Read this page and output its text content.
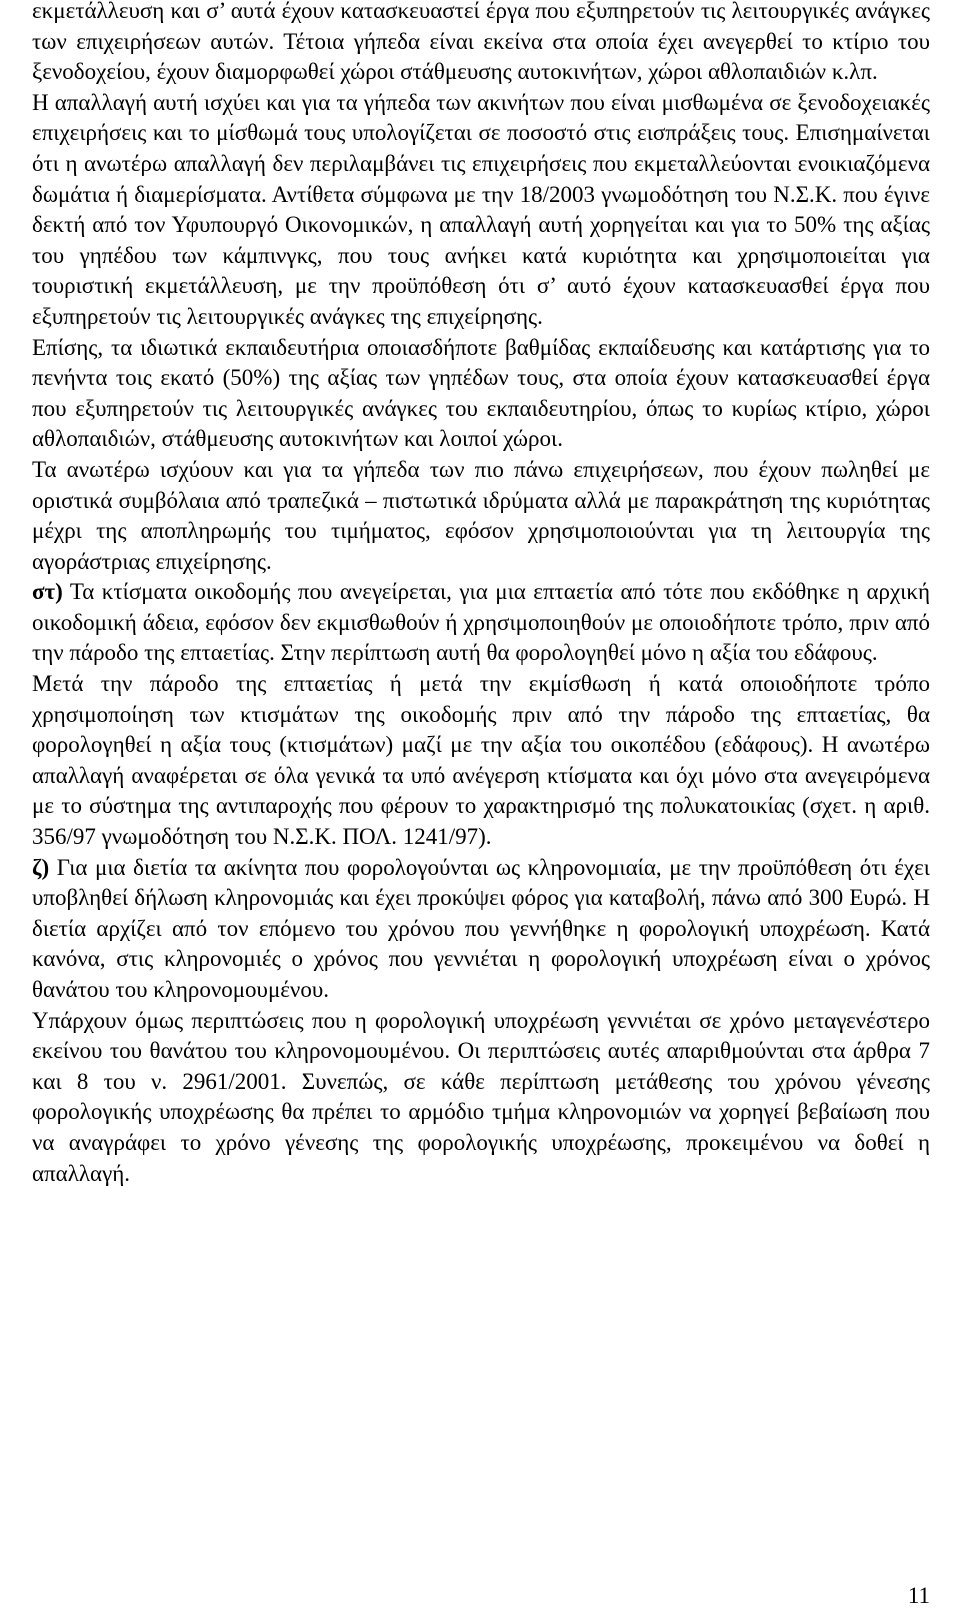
εκμετάλλευση και σ’ αυτά έχουν κατασκευαστεί έργα που εξυπηρετούν τις λειτουργικές ανάγκες των επιχειρήσεων αυτών. Τέτοια γήπεδα είναι εκείνα στα οποία έχει ανεγερθεί το κτίριο του ξενοδοχείου, έχουν διαμορφωθεί χώροι στάθμευσης αυτοκινήτων, χώροι αθλοπαιδιών κ.λπ.

Η απαλλαγή αυτή ισχύει και για τα γήπεδα των ακινήτων που είναι μισθωμένα σε ξενοδοχειακές επιχειρήσεις και το μίσθωμά τους υπολογίζεται σε ποσοστό στις εισπράξεις τους. Επισημαίνεται ότι η ανωτέρω απαλλαγή δεν περιλαμβάνει τις επιχειρήσεις που εκμεταλλεύονται ενοικιαζόμενα δωμάτια ή διαμερίσματα. Αντίθετα σύμφωνα με την 18/2003 γνωμοδότηση του Ν.Σ.Κ. που έγινε δεκτή από τον Υφυπουργό Οικονομικών, η απαλλαγή αυτή χορηγείται και για το 50% της αξίας του γηπέδου των κάμπινγκς, που τους ανήκει κατά κυριότητα και χρησιμοποιείται για τουριστική εκμετάλλευση, με την προϋπόθεση ότι σ’ αυτό έχουν κατασκευασθεί έργα που εξυπηρετούν τις λειτουργικές ανάγκες της επιχείρησης.

Επίσης, τα ιδιωτικά εκπαιδευτήρια οποιασδήποτε βαθμίδας εκπαίδευσης και κατάρτισης για το πενήντα τοις εκατό (50%) της αξίας των γηπέδων τους, στα οποία έχουν κατασκευασθεί έργα που εξυπηρετούν τις λειτουργικές ανάγκες του εκπαιδευτηρίου, όπως το κυρίως κτίριο, χώροι αθλοπαιδιών, στάθμευσης αυτοκινήτων και λοιποί χώροι.

Τα ανωτέρω ισχύουν και για τα γήπεδα των πιο πάνω επιχειρήσεων, που έχουν πωληθεί με οριστικά συμβόλαια από τραπεζικά – πιστωτικά ιδρύματα αλλά με παρακράτηση της κυριότητας μέχρι της αποπληρωμής του τιμήματος, εφόσον χρησιμοποιούνται για τη λειτουργία της αγοράστριας επιχείρησης.

στ) Τα κτίσματα οικοδομής που ανεγείρεται, για μια επταετία από τότε που εκδόθηκε η αρχική οικοδομική άδεια, εφόσον δεν εκμισθωθούν ή χρησιμοποιηθούν με οποιοδήποτε τρόπο, πριν από την πάροδο της επταετίας. Στην περίπτωση αυτή θα φορολογηθεί μόνο η αξία του εδάφους.

Μετά την πάροδο της επταετίας ή μετά την εκμίσθωση ή κατά οποιοδήποτε τρόπο χρησιμοποίηση των κτισμάτων της οικοδομής πριν από την πάροδο της επταετίας, θα φορολογηθεί η αξία τους (κτισμάτων) μαζί με την αξία του οικοπέδου (εδάφους). Η ανωτέρω απαλλαγή αναφέρεται σε όλα γενικά τα υπό ανέγερση κτίσματα και όχι μόνο στα ανεγειρόμενα με το σύστημα της αντιπαροχής που φέρουν το χαρακτηρισμό της πολυκατοικίας (σχετ. η αριθ. 356/97 γνωμοδότηση του Ν.Σ.Κ. ΠΟΛ. 1241/97).

ζ) Για μια διετία τα ακίνητα που φορολογούνται ως κληρονομιαία, με την προϋπόθεση ότι έχει υποβληθεί δήλωση κληρονομιάς και έχει προκύψει φόρος για καταβολή, πάνω από 300 Ευρώ. Η διετία αρχίζει από τον επόμενο του χρόνου που γεννήθηκε η φορολογική υποχρέωση. Κατά κανόνα, στις κληρονομιές ο χρόνος που γεννιέται η φορολογική υποχρέωση είναι ο χρόνος θανάτου του κληρονομουμένου.

Υπάρχουν όμως περιπτώσεις που η φορολογική υποχρέωση γεννιέται σε χρόνο μεταγενέστερο εκείνου του θανάτου του κληρονομουμένου. Οι περιπτώσεις αυτές απαριθμούνται στα άρθρα 7 και 8 του ν. 2961/2001. Συνεπώς, σε κάθε περίπτωση μετάθεσης του χρόνου γένεσης φορολογικής υποχρέωσης θα πρέπει το αρμόδιο τμήμα κληρονομιών να χορηγεί βεβαίωση που να αναγράφει το χρόνο γένεσης της φορολογικής υποχρέωσης, προκειμένου να δοθεί η απαλλαγή.

11
